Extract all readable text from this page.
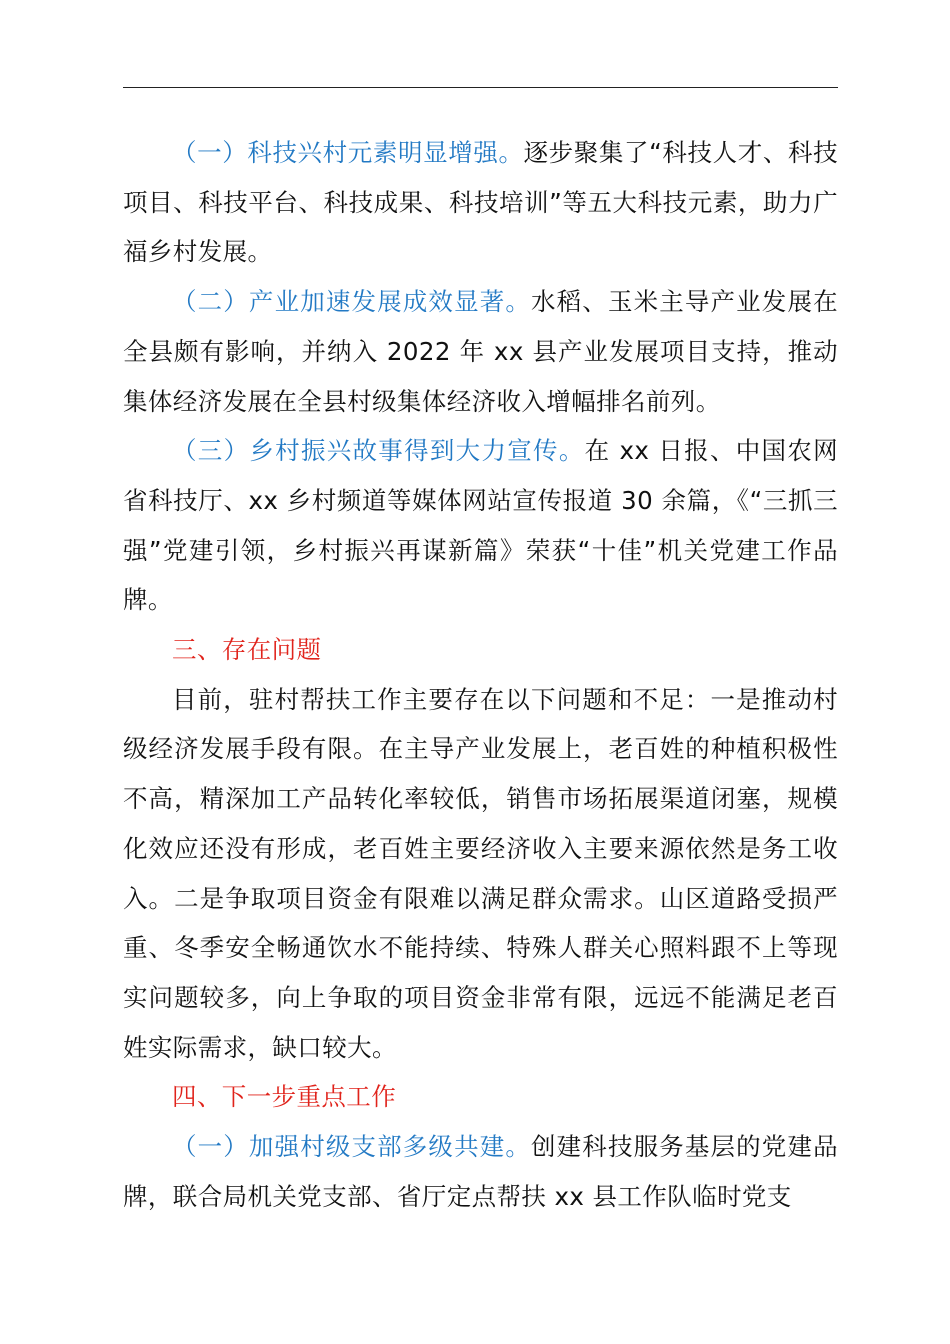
（一）科技兴村元素明显增强。逐步聚集了“科技人才、科技项目、科技平台、科技成果、科技培训”等五大科技元素，助力广福乡村发展。

（二）产业加速发展成效显著。水稻、玉米主导产业发展在全县颇有影响，并纳入 2022 年 xx 县产业发展项目支持，推动集体经济发展在全县村级集体经济收入增幅排名前列。

（三）乡村振兴故事得到大力宣传。在 xx 日报、中国农网省科技厅、xx 乡村频道等媒体网站宣传报道 30 余篇，《“三抓三强”党建引领，乡村振兴再谋新篇》荣获“十佳”机关党建工作品牌。

三、存在问题

目前，驻村帮扶工作主要存在以下问题和不足：一是推动村级经济发展手段有限。在主导产业发展上，老百姓的种植积极性不高，精深加工产品转化率较低，销售市场拓展渠道闭塞，规模化效应还没有形成，老百姓主要经济收入主要来源依然是务工收入。二是争取项目资金有限难以满足群众需求。山区道路受损严重、冬季安全畅通饮水不能持续、特殊人群关心照料跟不上等现实问题较多，向上争取的项目资金非常有限，远远不能满足老百姓实际需求，缺口较大。

四、下一步重点工作

（一）加强村级支部多级共建。创建科技服务基层的党建品牌，联合局机关党支部、省厅定点帮扶 xx 县工作队临时党支
